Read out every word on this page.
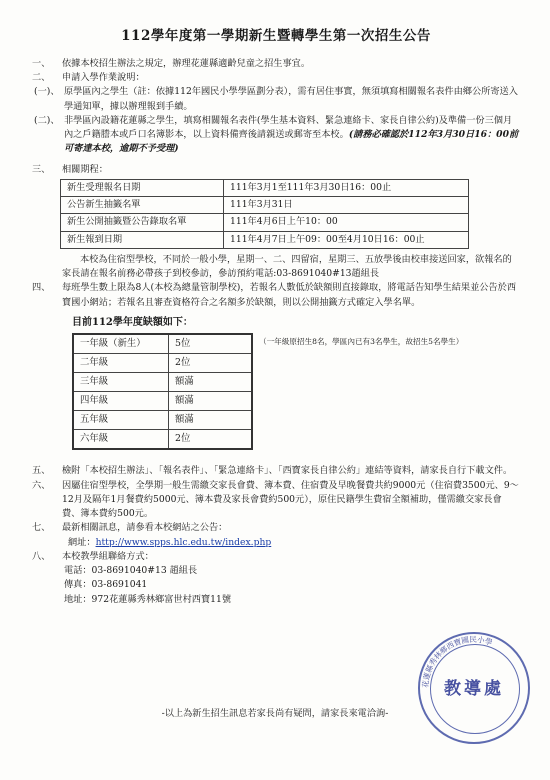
112學年度第一學期新生暨轉學生第一次招生公告
一、	依據本校招生辦法之規定，辦理花蓮縣適齡兒童之招生事宜。
二、	申請入學作業說明：
(一)、 原學區內之學生（註：依據112年國民小學學區劃分表），需有居住事實，無須填寫相關報名表件由鄉公所寄送入學通知單，據以辦理報到手續。
(二)、 非學區內設籍花蓮縣之學生，填寫相關報名表件(學生基本資料、緊急連絡卡、家長自律公約)及準備一份三個月內之戶籍謄本或戶口名簿影本，以上資料備齊後請親送或郵寄至本校。(請務必確認於112年3月30日16：00前可寄達本校，逾期不予受理)
三、	相關期程：
新生受理報名日期	111年3月1至111年3月30日16：00止
公告新生抽籤名單	111年3月31日
新生公開抽籤暨公告錄取名單	111年4月6日上午10：00
新生報到日期	111年4月7日上午09：00至4月10日16：00止
本校為住宿型學校，不同於一般小學，星期一、二、四留宿，星期三、五放學後由校車接送回家，欲報名的家長請在報名前務必帶孩子到校參訪，參訪預約電話:03-8691040#13趙組長
四、	每班學生數上限為8人(本校為總量管制學校)，若報名人數低於缺額則直接錄取，將電話告知學生結果並公告於西寶國小網站；若報名且審查資格符合之名額多於缺額，則以公開抽籤方式確定入學名單。
目前112學年度缺額如下：
一年級（新生）	5位
二年級	2位
三年級	額滿
四年級	額滿
五年級	額滿
六年級	2位
（一年級原招生8名，學區內已有3名學生，故招生5名學生）
五、	檢附「本校招生辦法」、「報名表件」、「緊急連絡卡」、「西寶家長自律公約」連結等資料，請家長自行下載文件。
六、	因屬住宿型學校，全學期一般生需繳交家長會費、簿本費、住宿費及早晚餐費共約9000元（住宿費3500元、9～12月及隔年1月餐費約5000元、簿本費及家長會費約500元），原住民籍學生費宿全額補助，僅需繳交家長會費、簿本費約500元。
七、	最新相關訊息，請參看本校網站之公告：
網址：http://www.spps.hlc.edu.tw/index.php
八、	本校教學組聯絡方式：
電話：03-8691040#13 趙組長
傳真：03-8691041
地址：972花蓮縣秀林鄉富世村西寶11號
-以上為新生招生訊息若家長尚有疑問，請家長來電洽詢-
花蓮縣秀林鄉西寶國民小學
教導處
